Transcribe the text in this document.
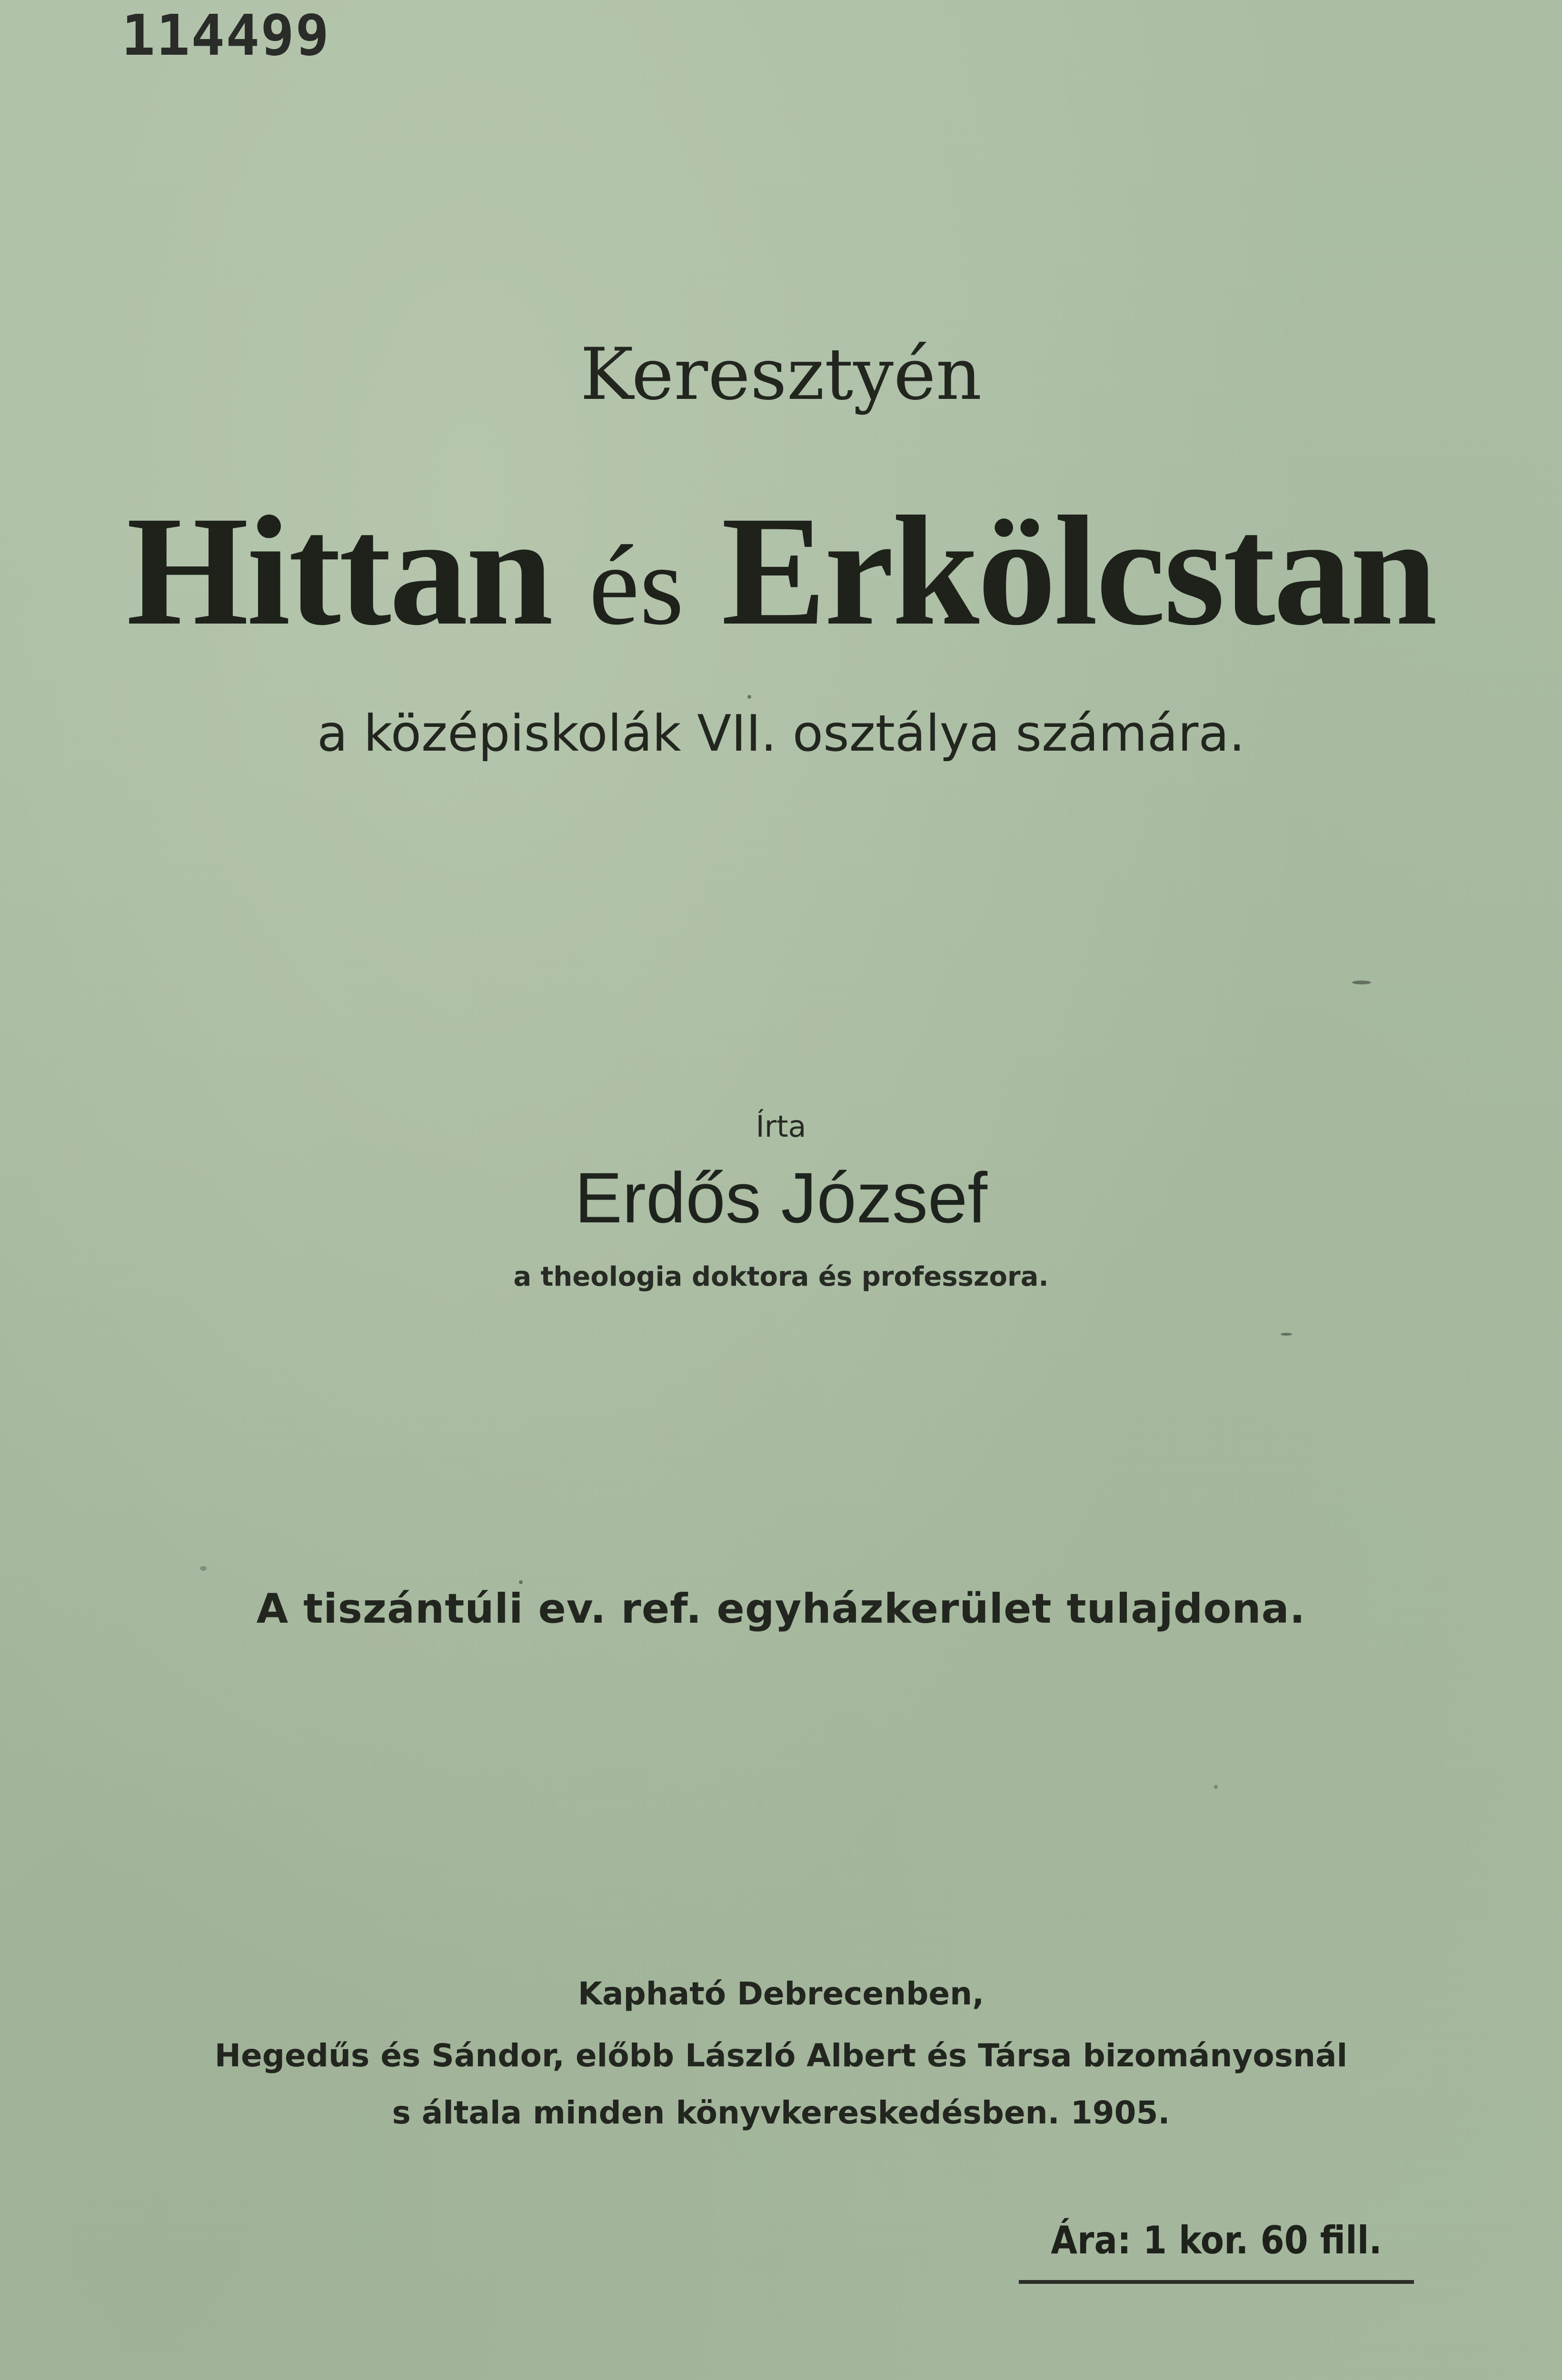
114499
Keresztyén
Hittan és Erkölcstan
a középiskolák VII. osztálya számára.
Írta
Erdős József
a theologia doktora és professzora.
A tiszántúli ev. ref. egyházkerület tulajdona.
Kapható Debrecenben,
Hegedűs és Sándor, előbb László Albert és Társa bizományosnál
s általa minden könyvkereskedésben. 1905.
Ára: 1 kor. 60 fill.
